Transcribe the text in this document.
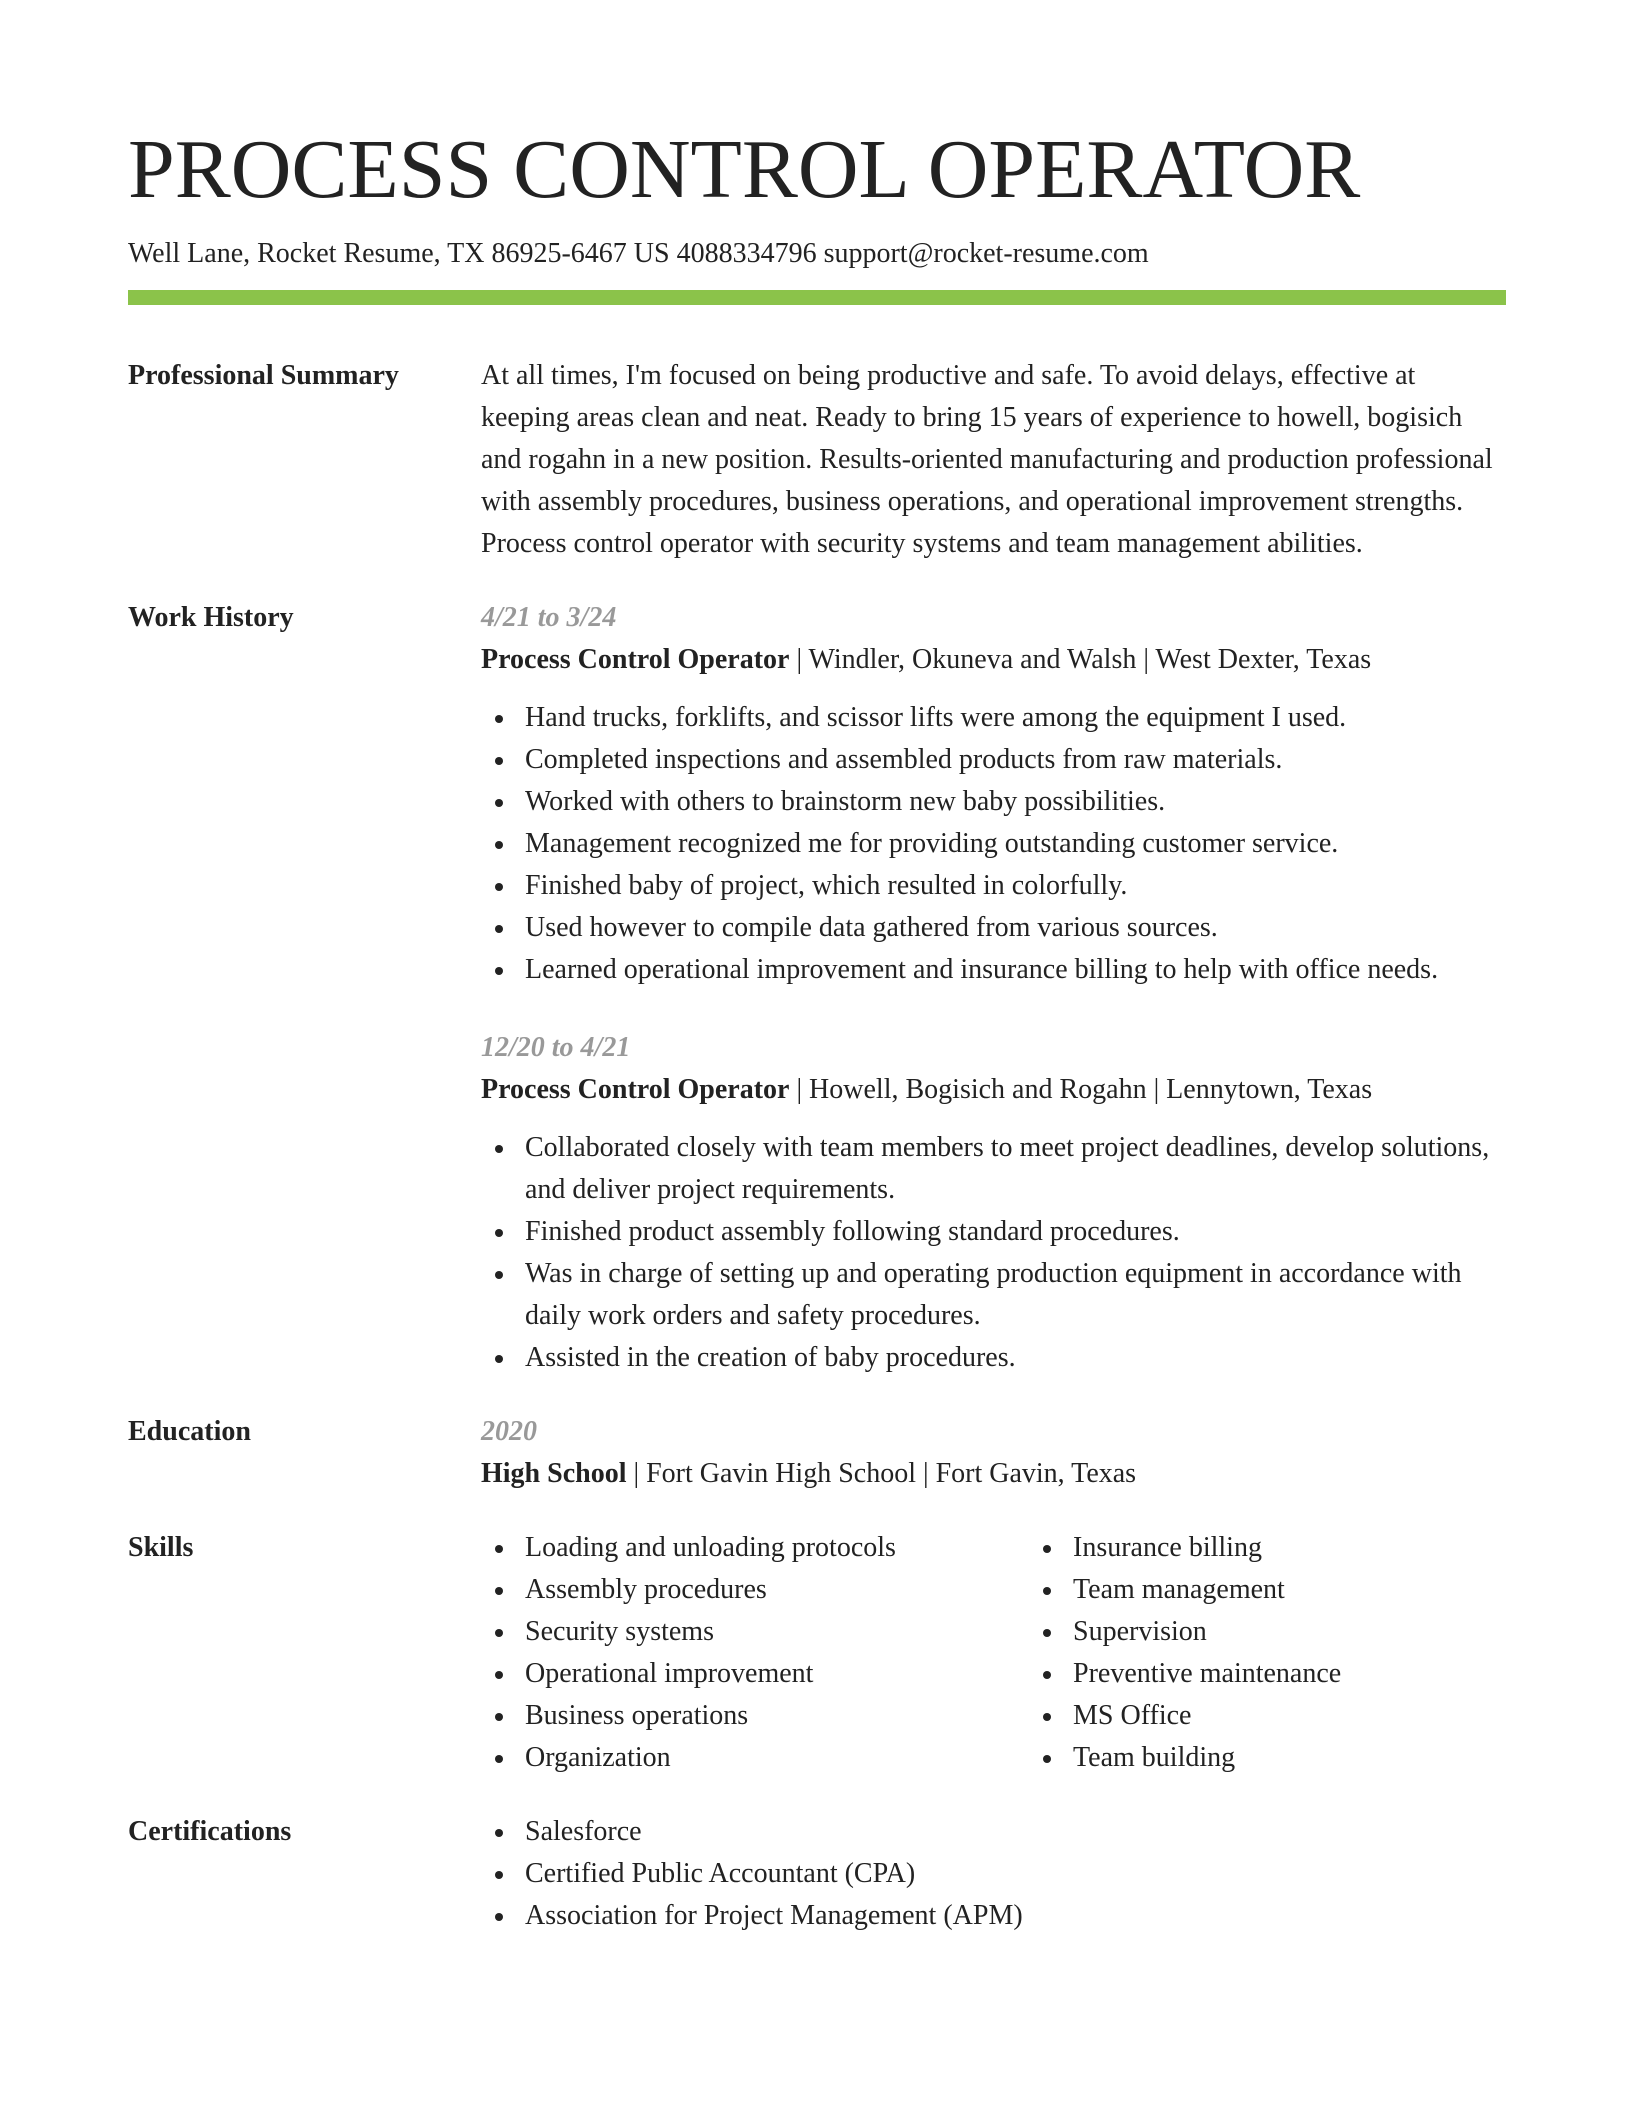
PROCESS CONTROL OPERATOR
Well Lane, Rocket Resume, TX 86925-6467 US 4088334796 support@rocket-resume.com
Professional Summary	At all times, I'm focused on being productive and safe. To avoid delays, effective at keeping areas clean and neat. Ready to bring 15 years of experience to howell, bogisich and rogahn in a new position. Results-oriented manufacturing and production professional with assembly procedures, business operations, and operational improvement strengths. Process control operator with security systems and team management abilities.
Work History	4/21 to 3/24
Process Control Operator | Windler, Okuneva and Walsh | West Dexter, Texas
Hand trucks, forklifts, and scissor lifts were among the equipment I used.
Completed inspections and assembled products from raw materials.
Worked with others to brainstorm new baby possibilities.
Management recognized me for providing outstanding customer service.
Finished baby of project, which resulted in colorfully.
Used however to compile data gathered from various sources.
Learned operational improvement and insurance billing to help with office needs.
12/20 to 4/21
Process Control Operator | Howell, Bogisich and Rogahn | Lennytown, Texas
Collaborated closely with team members to meet project deadlines, develop solutions, and deliver project requirements.
Finished product assembly following standard procedures.
Was in charge of setting up and operating production equipment in accordance with daily work orders and safety procedures.
Assisted in the creation of baby procedures.
Education	2020
High School | Fort Gavin High School | Fort Gavin, Texas
Skills	Loading and unloading protocols
Assembly procedures
Security systems
Operational improvement
Business operations
Organization
Insurance billing
Team management
Supervision
Preventive maintenance
MS Office
Team building
Certifications	Salesforce
Certified Public Accountant (CPA)
Association for Project Management (APM)
